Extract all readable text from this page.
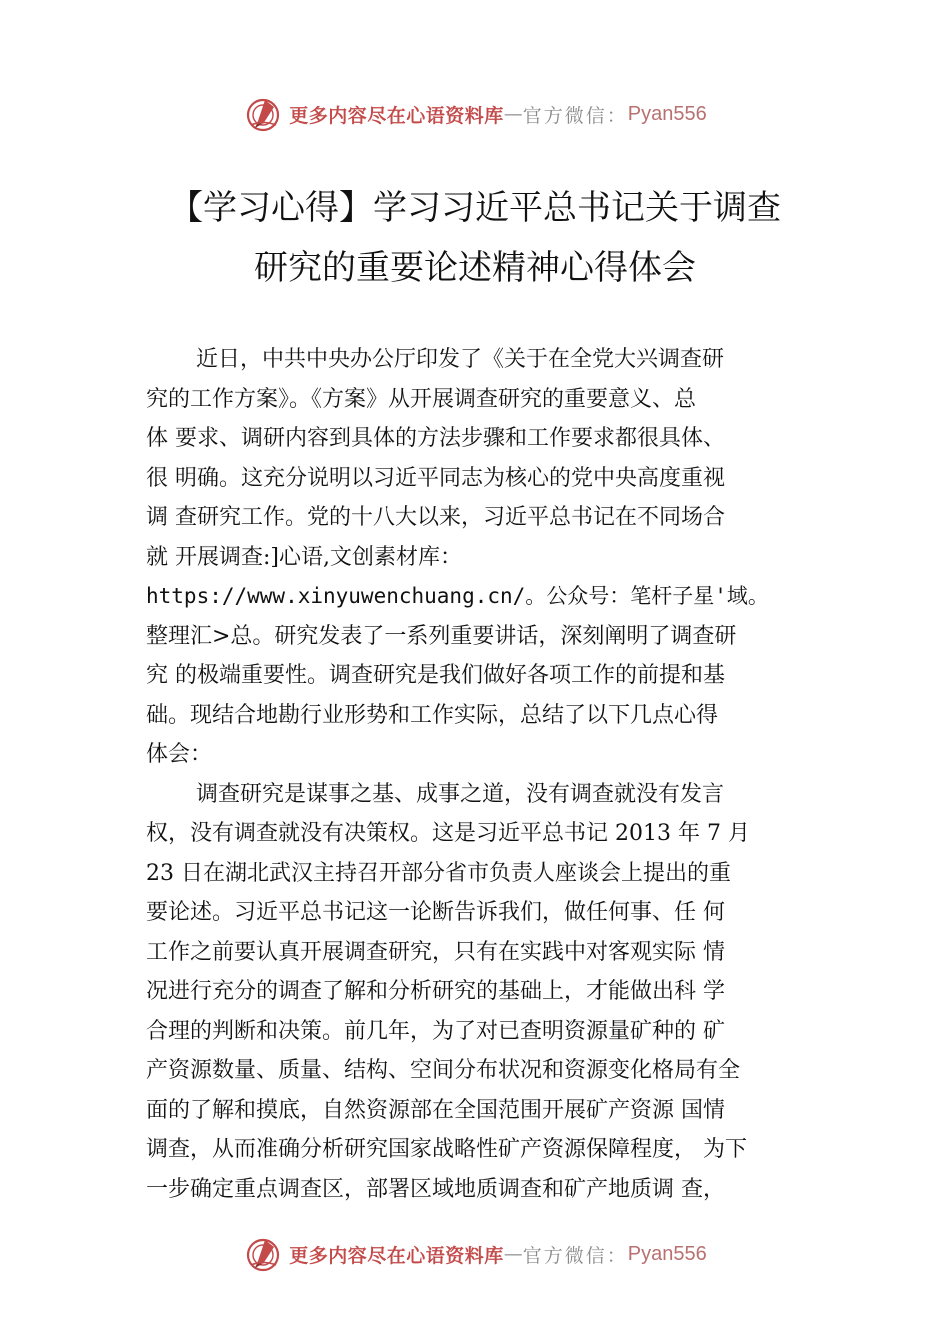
更多内容尽在心语资料库 — 官方微信： Pyan556
【学习心得】学习习近平总书记关于调查
研究的重要论述精神心得体会
近日，中共中央办公厅印发了《关于在全党大兴调查研
究的工作方案》。《方案》从开展调查研究的重要意义、总
体 要求、调研内容到具体的方法步骤和工作要求都很具体、
很 明确。这充分说明以习近平同志为核心的党中央高度重视
调 查研究工作。党的十八大以来，习近平总书记在不同场合
就 开展调查:]心语,文创素材库：
https://www.xinyuwenchuang.cn/。公众号：笔杆子星'域。
整理汇>总。研究发表了一系列重要讲话，深刻阐明了调查研
究 的极端重要性。调查研究是我们做好各项工作的前提和基
础。现结合地勘行业形势和工作实际，总结了以下几点心得
体会：
调查研究是谋事之基、成事之道，没有调查就没有发言
权，没有调查就没有决策权。这是习近平总书记 2013 年 7 月
23 日在湖北武汉主持召开部分省市负责人座谈会上提出的重
要论述。习近平总书记这一论断告诉我们，做任何事、任 何
工作之前要认真开展调查研究，只有在实践中对客观实际 情
况进行充分的调查了解和分析研究的基础上，才能做出科 学
合理的判断和决策。前几年，为了对已查明资源量矿种的 矿
产资源数量、质量、结构、空间分布状况和资源变化格局有全
面的了解和摸底，自然资源部在全国范围开展矿产资源 国情
调查，从而准确分析研究国家战略性矿产资源保障程度， 为下
一步确定重点调查区，部署区域地质调查和矿产地质调 查，
更多内容尽在心语资料库 — 官方微信： Pyan556
